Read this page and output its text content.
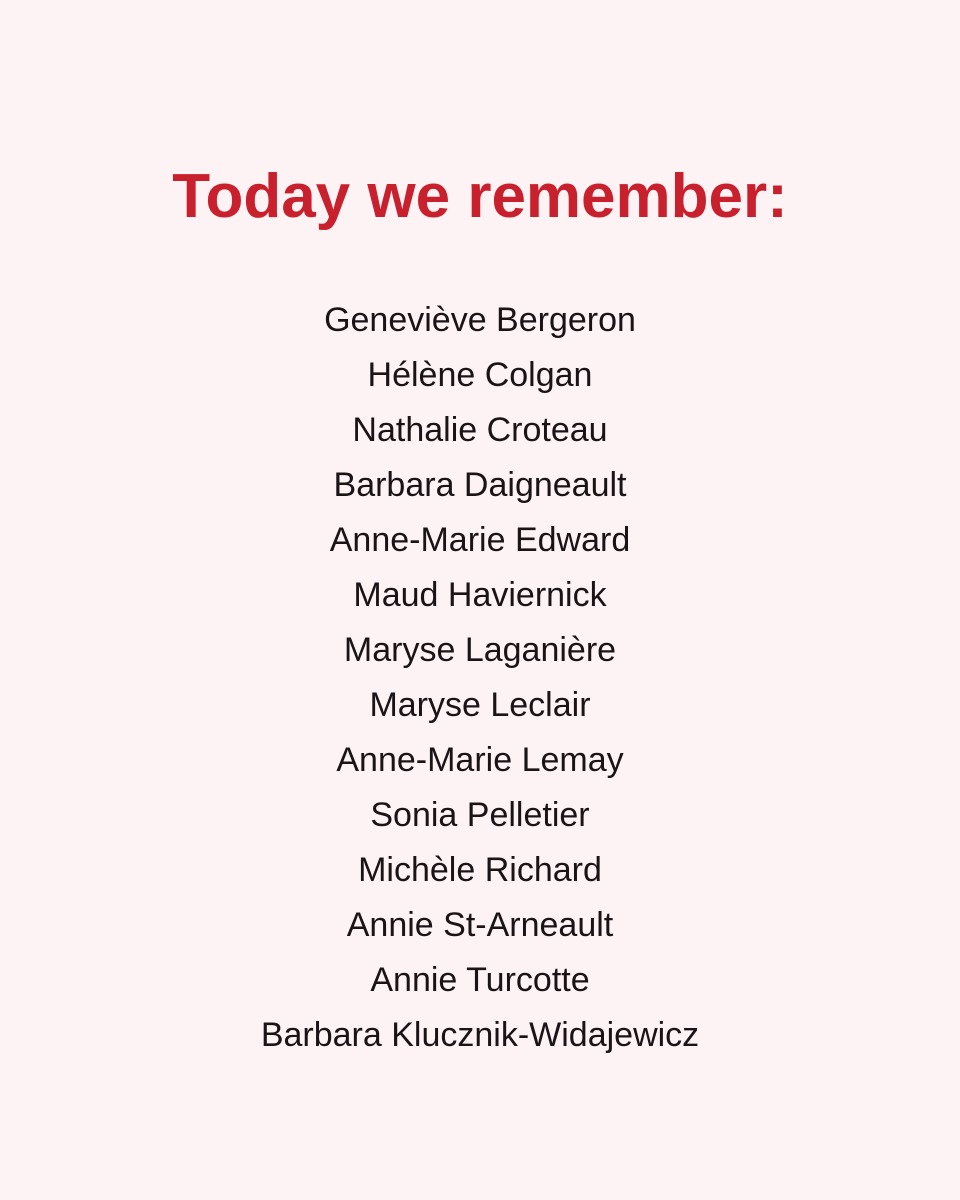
Today we remember:
Geneviève Bergeron
Hélène Colgan
Nathalie Croteau
Barbara Daigneault
Anne-Marie Edward
Maud Haviernick
Maryse Laganière
Maryse Leclair
Anne-Marie Lemay
Sonia Pelletier
Michèle Richard
Annie St-Arneault
Annie Turcotte
Barbara Klucznik-Widajewicz
